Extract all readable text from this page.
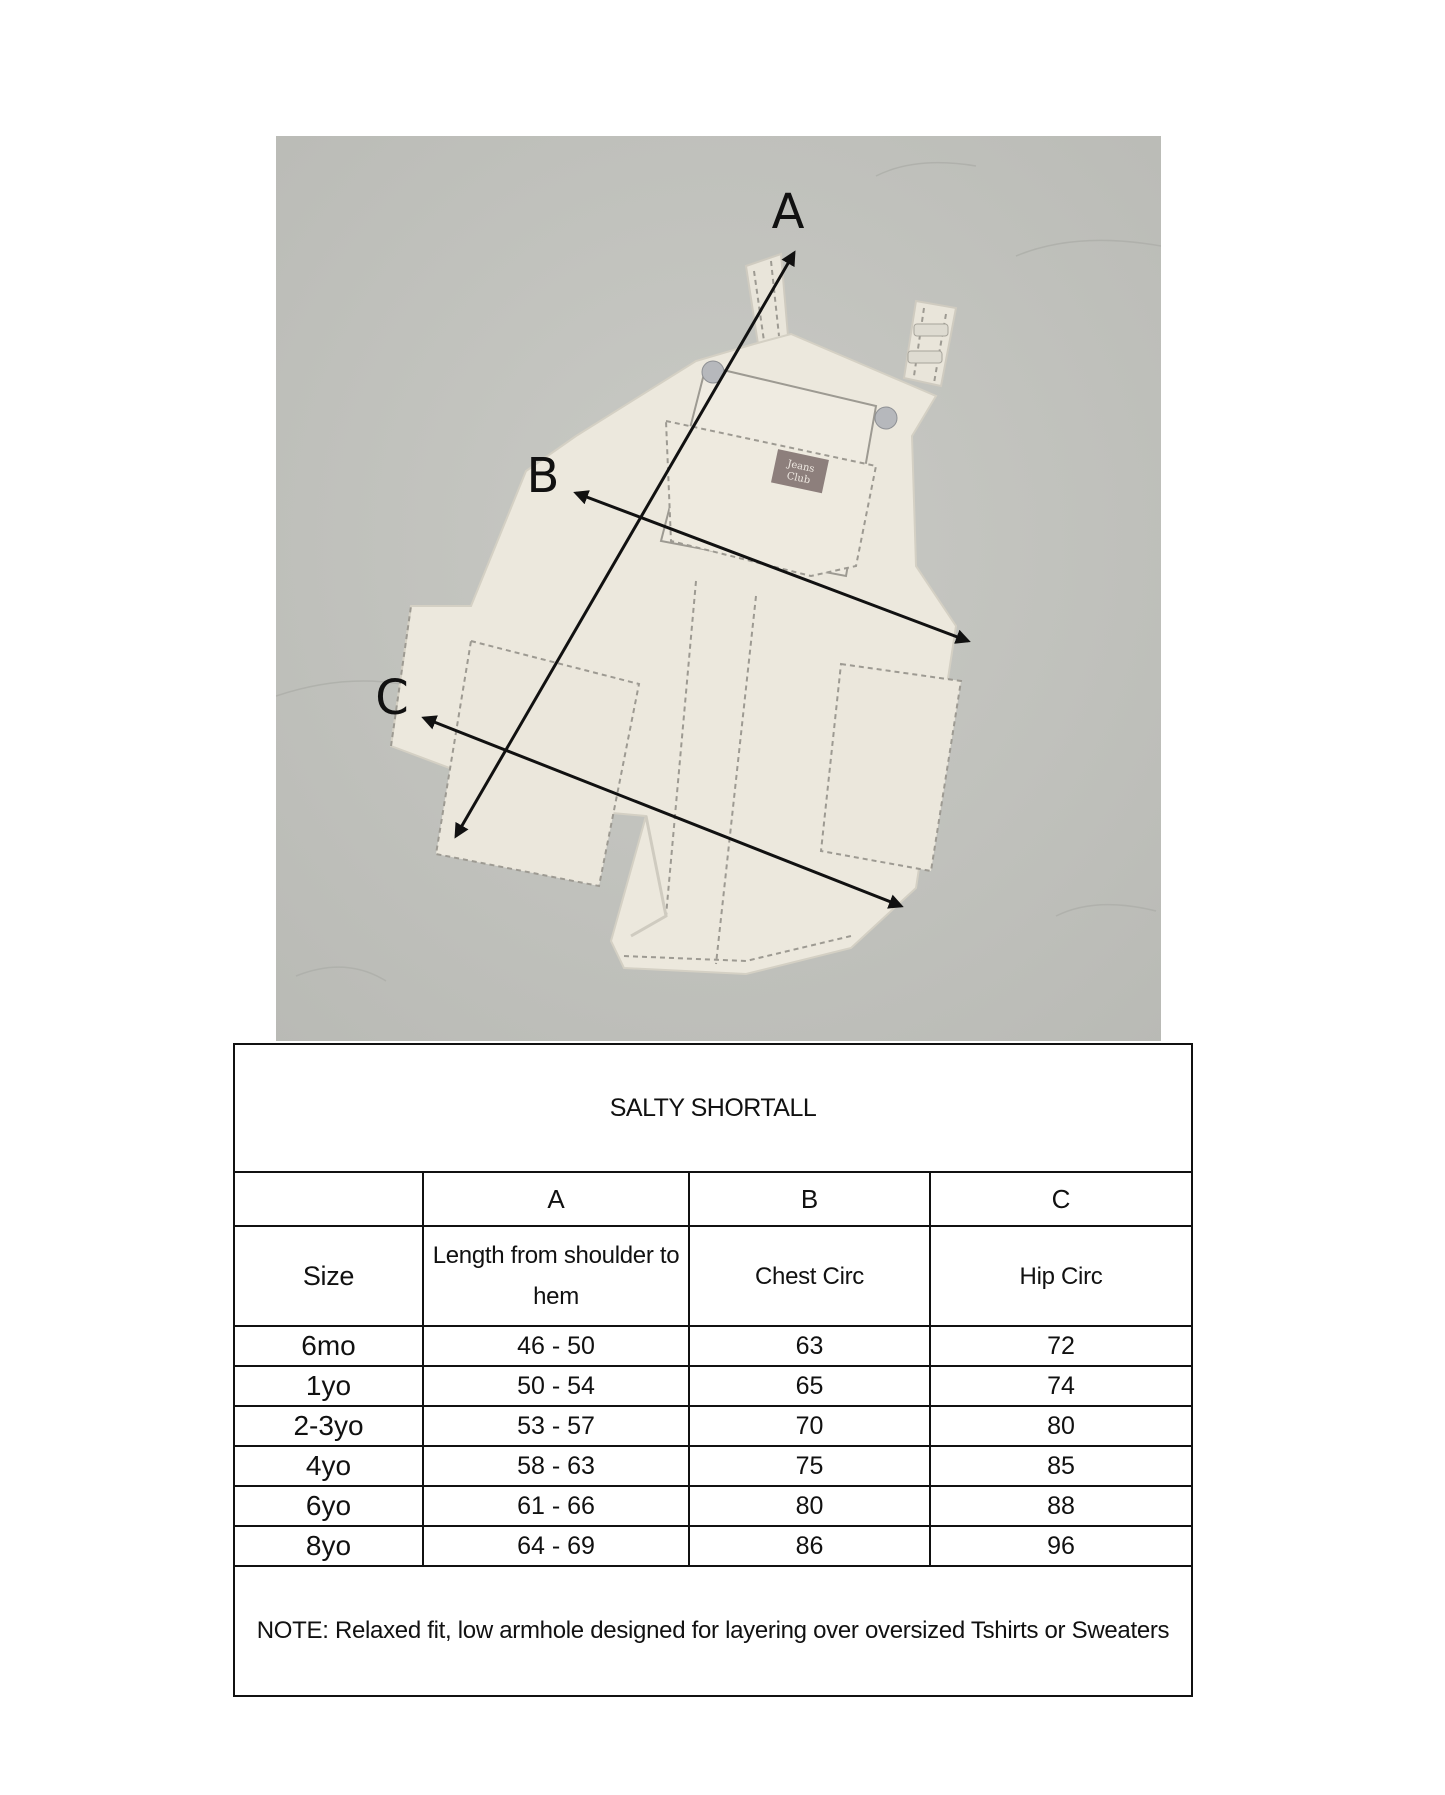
Jeans
Club
A
B
C
SALTY SHORTALL			
	A	B	C
Size	Length from shoulder to hem	Chest Circ	Hip Circ
6mo	46 - 50	63	72
1yo	50 - 54	65	74
2-3yo	53 - 57	70	80
4yo	58 - 63	75	85
6yo	61 - 66	80	88
8yo	64 - 69	86	96
NOTE: Relaxed fit, low armhole designed for layering over oversized Tshirts or Sweaters			
